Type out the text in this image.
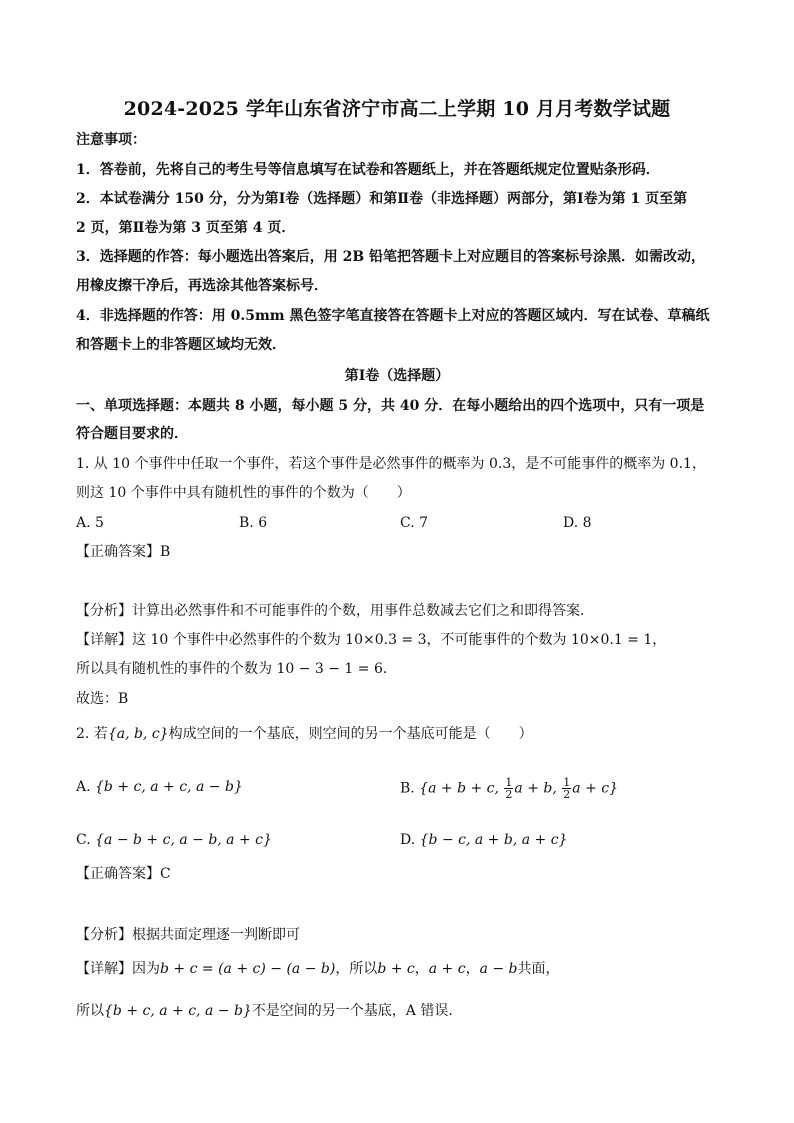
2024-2025 学年山东省济宁市高二上学期 10 月月考数学试题
注意事项：
1．答卷前，先将自己的考生号等信息填写在试卷和答题纸上，并在答题纸规定位置贴条形码．
2．本试卷满分 150 分，分为第Ⅰ卷（选择题）和第Ⅱ卷（非选择题）两部分，第Ⅰ卷为第 1 页至第
2 页，第Ⅱ卷为第 3 页至第 4 页．
3．选择题的作答：每小题选出答案后，用 2B 铅笔把答题卡上对应题目的答案标号涂黑．如需改动，
用橡皮擦干净后，再选涂其他答案标号．
4．非选择题的作答：用 0.5mm 黑色签字笔直接答在答题卡上对应的答题区域内．写在试卷、草稿纸
和答题卡上的非答题区域均无效．
第Ⅰ卷（选择题）
一、单项选择题：本题共 8 小题，每小题 5 分，共 40 分．在每小题给出的四个选项中，只有一项是
符合题目要求的．
1. 从 10 个事件中任取一个事件，若这个事件是必然事件的概率为 0.3，是不可能事件的概率为 0.1，
则这 10 个事件中具有随机性的事件的个数为（　　）
A. 5	B. 6	C. 7	D. 8
【正确答案】B
【分析】计算出必然事件和不可能事件的个数，用事件总数减去它们之和即得答案.
【详解】这 10 个事件中必然事件的个数为 10×0.3 = 3，不可能事件的个数为 10×0.1 = 1，
所以具有随机性的事件的个数为 10 − 3 − 1 = 6．
故选：B
2. 若{a, b, c}构成空间的一个基底，则空间的另一个基底可能是（　　）
A. {b + c, a + c, a − b}	B. {a + b + c, $\frac{1}{2}$ a + b, $\frac{1}{2}$ a + c}
C. {a − b + c, a − b, a + c}	D. {b − c, a + b, a + c}
【正确答案】C
【分析】根据共面定理逐一判断即可
【详解】因为b + c = (a + c) − (a − b)，所以b + c，a + c，a − b共面，
所以{b + c, a + c, a − b}不是空间的另一个基底，A 错误.
